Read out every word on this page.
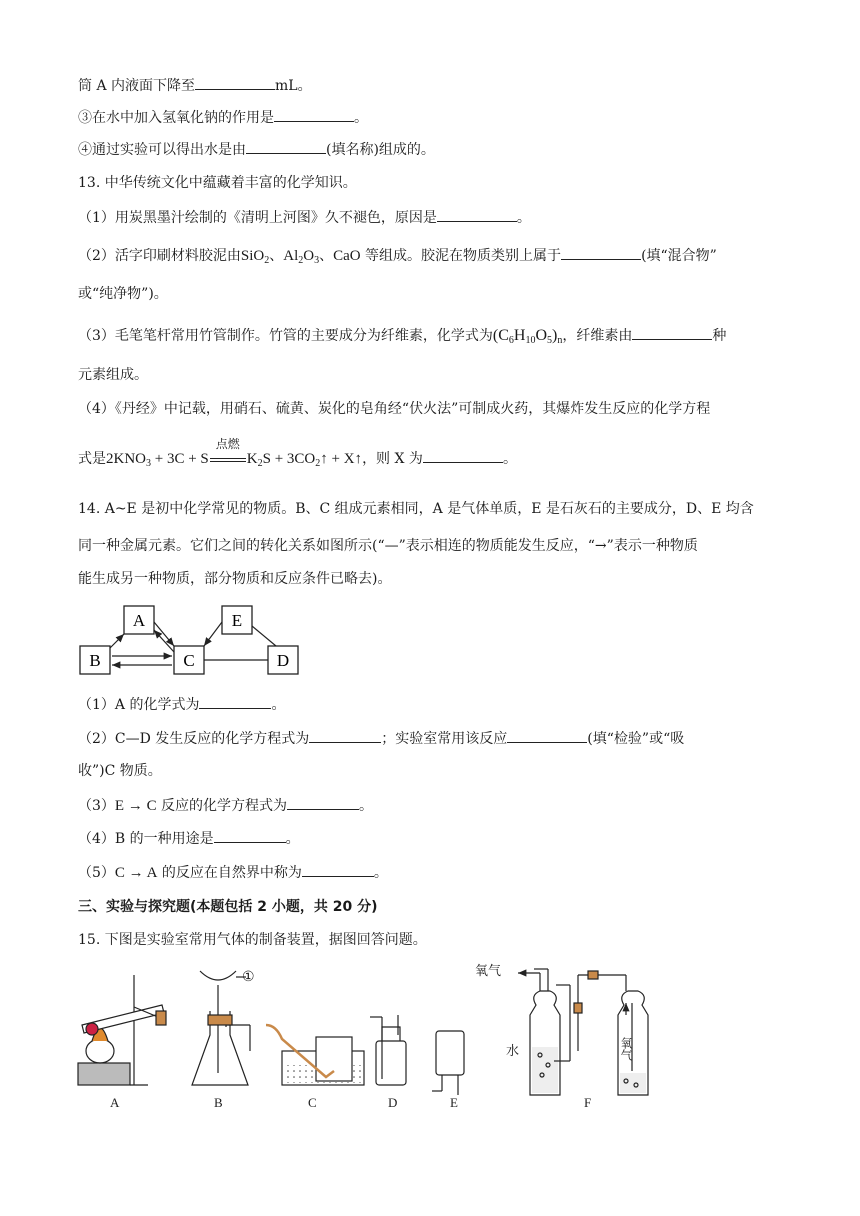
筒 A 内液面下降至	mL。
③在水中加入氢氧化钠的作用是	。
④通过实验可以得出水是由	(填名称)组成的。
13. 中华传统文化中蕴藏着丰富的化学知识。
（1）用炭黑墨汁绘制的《清明上河图》久不褪色，原因是	。
（2）活字印刷材料胶泥由SiO$_2$、$Al_2O_3$、CaO 等组成。胶泥在物质类别上属于	(填“混合物”
或“纯净物”)。
（3）毛笔笔杆常用竹管制作。竹管的主要成分为纤维素，化学式为$(C_6H_{10}O_5)_n$，纤维素由	种
元素组成。
（4）《丹经》中记载，用硝石、硫黄、炭化的皂角经“伏火法”可制成火药，其爆炸发生反应的化学方程
式是$2KNO_3 + 3C + S$
点燃
$K_2S$ + $3CO_2↑$ + X↑，则 X 为	。
14. A~E 是初中化学常见的物质。B、C 组成元素相同，A 是气体单质，E 是石灰石的主要成分，D、E 均含
同一种金属元素。它们之间的转化关系如图所示(“—”表示相连的物质能发生反应，“→”表示一种物质
能生成另一种物质，部分物质和反应条件已略去)。
A
B	C	D
E
（1）A 的化学式为	。
（2）C—D 发生反应的化学方程式为	；实验室常用该反应	(填“检验”或“吸
收”)C 物质。
（3）E → C 反应的化学方程式为	。
（4）B 的一种用途是	。
（5）C → A 的反应在自然界中称为	。
三、实验与探究题(本题包括 2 小题，共 20 分)
15. 下图是实验室常用气体的制备装置，据图回答问题。
①	氧气
水	氧气
A	B	C	D	E	F
